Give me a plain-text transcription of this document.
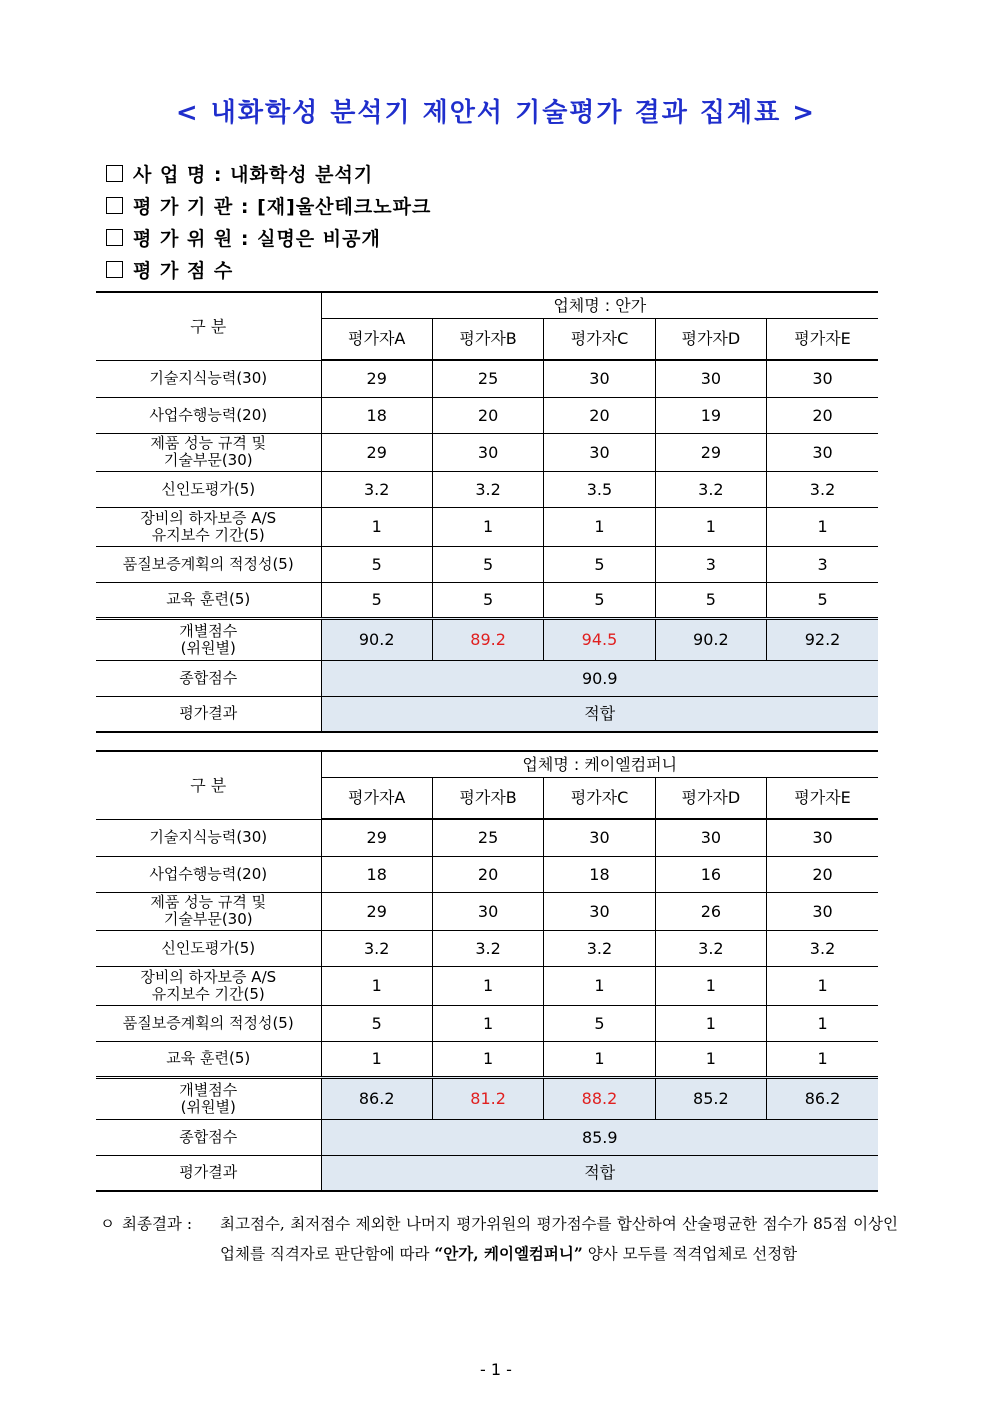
< 내화학성 분석기 제안서 기술평가 결과 집계표 >
사 업 명 : 내화학성 분석기
평 가 기 관 : [재]울산테크노파크
평 가 위 원 : 실명은 비공개
평 가 점 수
구 분	업체명 : 안가				
	평가자A	평가자B	평가자C	평가자D	평가자E
기술지식능력(30)	29	25	30	30	30
사업수행능력(20)	18	20	20	19	20
제품 성능 규격 및
기술부문(30)	29	30	30	29	30
신인도평가(5)	3.2	3.2	3.5	3.2	3.2
장비의 하자보증 A/S
유지보수 기간(5)	1	1	1	1	1
품질보증계획의 적정성(5)	5	5	5	3	3
교육 훈련(5)	5	5	5	5	5
개별점수
(위원별)	90.2	89.2	94.5	90.2	92.2
종합점수	90.9				
평가결과	적합				
구 분	업체명 : 케이엘컴퍼니				
	평가자A	평가자B	평가자C	평가자D	평가자E
기술지식능력(30)	29	25	30	30	30
사업수행능력(20)	18	20	18	16	20
제품 성능 규격 및
기술부문(30)	29	30	30	26	30
신인도평가(5)	3.2	3.2	3.2	3.2	3.2
장비의 하자보증 A/S
유지보수 기간(5)	1	1	1	1	1
품질보증계획의 적정성(5)	5	1	5	1	1
교육 훈련(5)	1	1	1	1	1
개별점수
(위원별)	86.2	81.2	88.2	85.2	86.2
종합점수	85.9				
평가결과	적합				
ㅇ 최종결과 : 최고점수, 최저점수 제외한 나머지 평가위원의 평가점수를 합산하여 산술평균한 점수가 85점 이상인 업체를 직격자로 판단함에 따라 “안가, 케이엘컴퍼니” 양사 모두를 적격업체로 선정함
- 1 -
